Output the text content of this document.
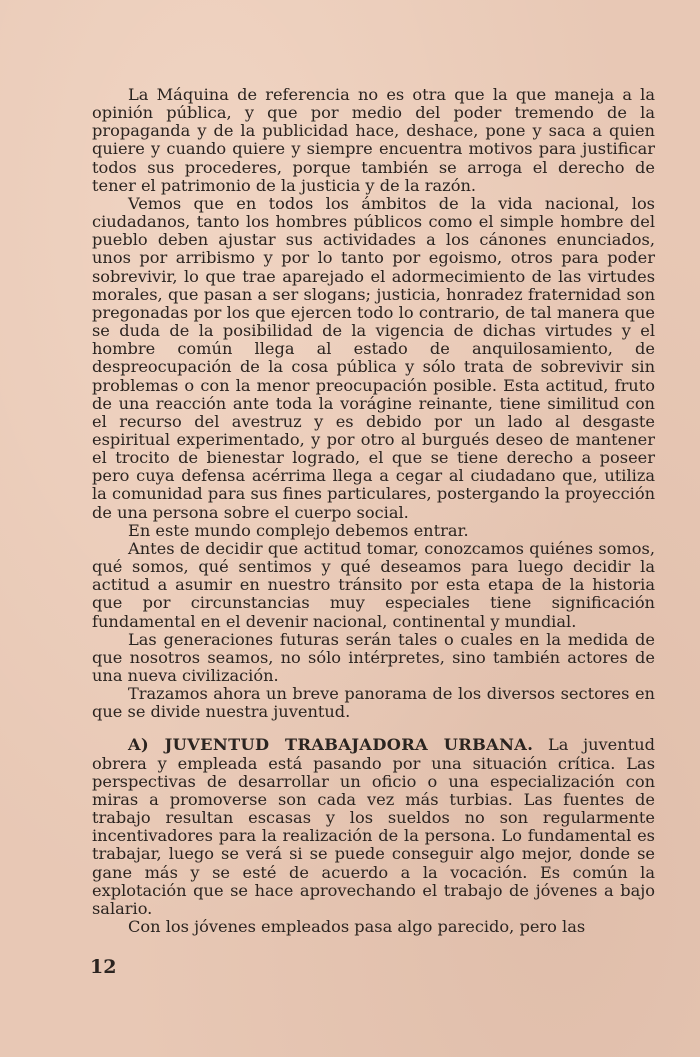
La Máquina de referencia no es otra que la que maneja a la opinión pública, y que por medio del poder tremendo de la propaganda y de la publicidad hace, deshace, pone y saca a quien quiere y cuando quiere y siempre encuentra motivos para justificar todos sus procederes, porque también se arroga el derecho de tener el patrimonio de la justicia y de la razón.

Vemos que en todos los ámbitos de la vida nacional, los ciudadanos, tanto los hombres públicos como el simple hombre del pueblo deben ajustar sus actividades a los cánones enunciados, unos por arribismo y por lo tanto por egoismo, otros para poder sobrevivir, lo que trae aparejado el adormecimiento de las virtudes morales, que pasan a ser slogans; justicia, honradez fraternidad son pregonadas por los que ejercen todo lo contrario, de tal manera que se duda de la posibilidad de la vigencia de dichas virtudes y el hombre común llega al estado de anquilosamiento, de despreocupación de la cosa pública y sólo trata de sobrevivir sin problemas o con la menor preocupación posible. Esta actitud, fruto de una reacción ante toda la vorágine reinante, tiene similitud con el recurso del avestruz y es debido por un lado al desgaste espiritual experimentado, y por otro al burgués deseo de mantener el trocito de bienestar logrado, el que se tiene derecho a poseer pero cuya defensa acérrima llega a cegar al ciudadano que, utiliza la comunidad para sus fines particulares, postergando la proyección de una persona sobre el cuerpo social.

En este mundo complejo debemos entrar.

Antes de decidir que actitud tomar, conozcamos quiénes somos, qué somos, qué sentimos y qué deseamos para luego decidir la actitud a asumir en nuestro tránsito por esta etapa de la historia que por circunstancias muy especiales tiene significación fundamental en el devenir nacional, continental y mundial.

Las generaciones futuras serán tales o cuales en la medida de que nosotros seamos, no sólo intérpretes, sino también actores de una nueva civilización.

Trazamos ahora un breve panorama de los diversos sectores en que se divide nuestra juventud.

A) JUVENTUD TRABAJADORA URBANA. La juventud obrera y empleada está pasando por una situación crítica. Las perspectivas de desarrollar un oficio o una especialización con miras a promoverse son cada vez más turbias. Las fuentes de trabajo resultan escasas y los sueldos no son regularmente incentivadores para la realización de la persona. Lo fundamental es trabajar, luego se verá si se puede conseguir algo mejor, donde se gane más y se esté de acuerdo a la vocación. Es común la explotación que se hace aprovechando el trabajo de jóvenes a bajo salario.

Con los jóvenes empleados pasa algo parecido, pero las

12
